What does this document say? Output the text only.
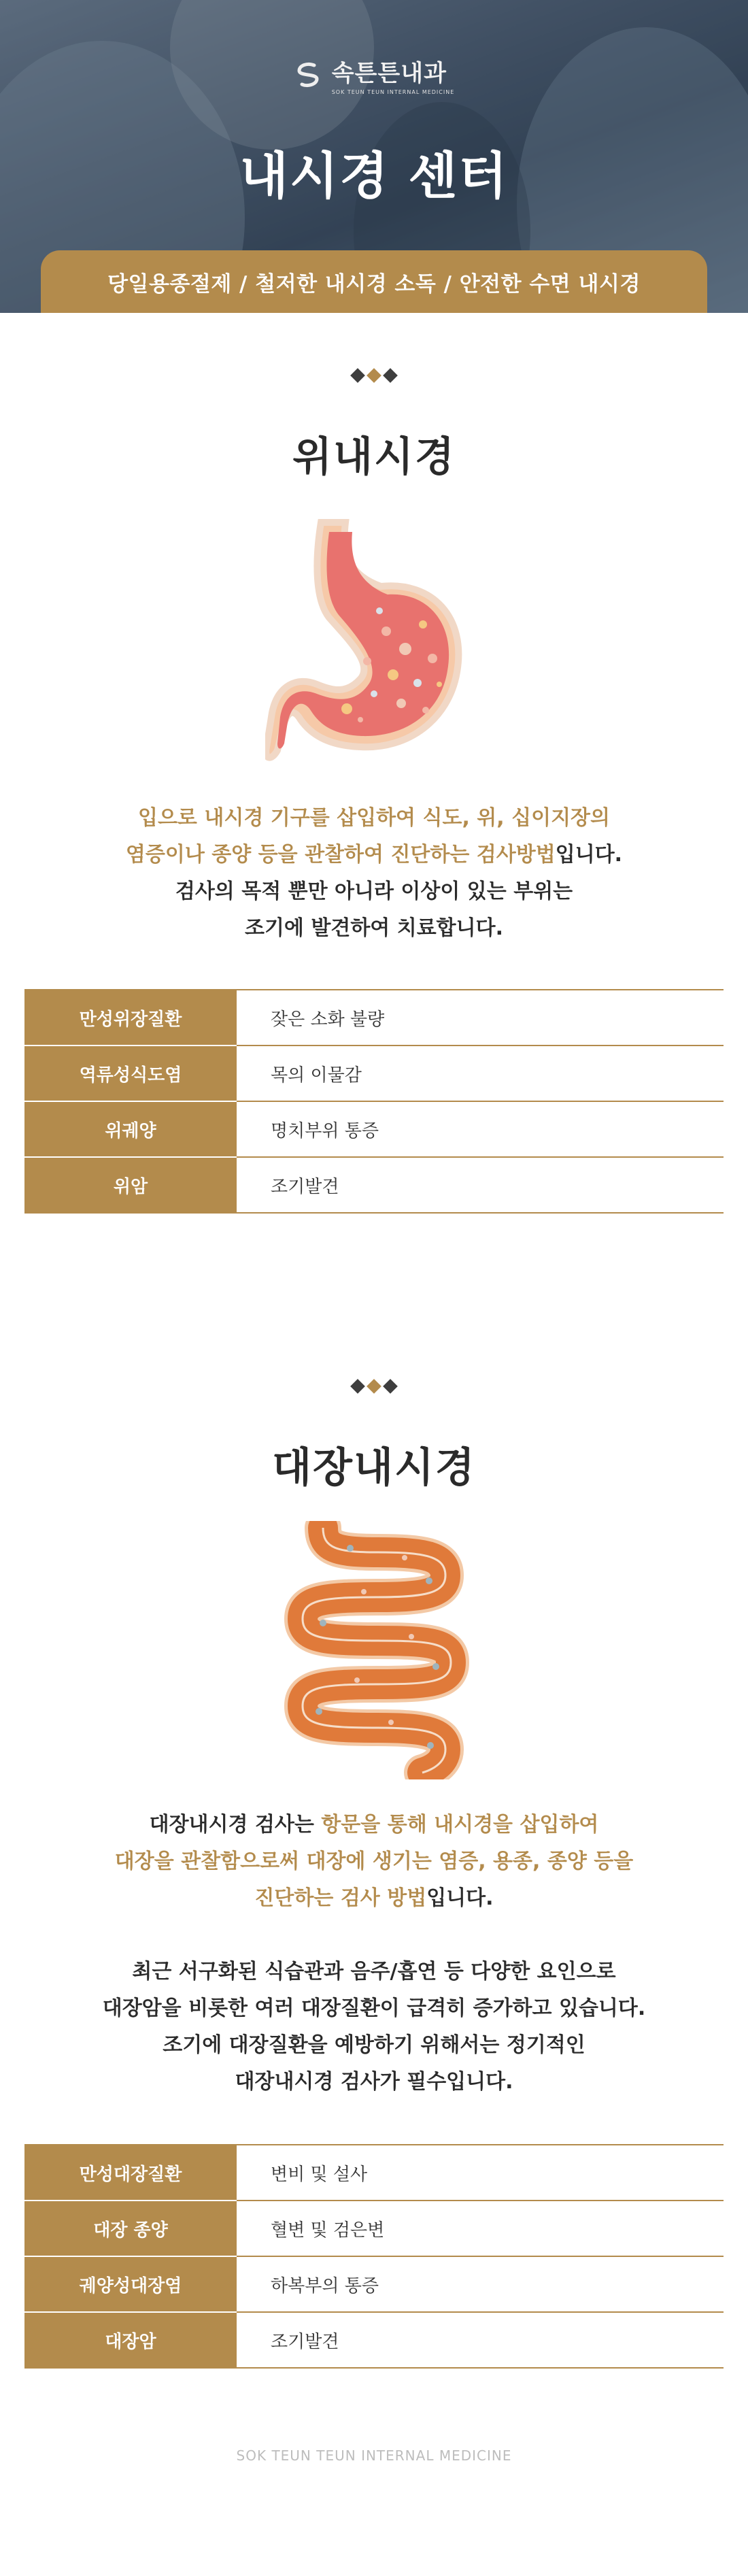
속튼튼내과
SOK TEUN TEUN INTERNAL MEDICINE
내시경 센터
당일용종절제 / 철저한 내시경 소독 / 안전한 수면 내시경
위내시경
입으로 내시경 기구를 삽입하여 식도, 위, 십이지장의
염증이나 종양 등을 관찰하여 진단하는 검사방법입니다.
검사의 목적 뿐만 아니라 이상이 있는 부위는
조기에 발견하여 치료합니다.
만성위장질환	잦은 소화 불량
역류성식도염	목의 이물감
위궤양	명치부위 통증
위암	조기발견
대장내시경
대장내시경 검사는 항문을 통해 내시경을 삽입하여
대장을 관찰함으로써 대장에 생기는 염증, 용종, 종양 등을
진단하는 검사 방법입니다.
최근 서구화된 식습관과 음주/흡연 등 다양한 요인으로
대장암을 비롯한 여러 대장질환이 급격히 증가하고 있습니다.
조기에 대장질환을 예방하기 위해서는 정기적인
대장내시경 검사가 필수입니다.
만성대장질환	변비 및 설사
대장 종양	혈변 및 검은변
궤양성대장염	하복부의 통증
대장암	조기발견
SOK TEUN TEUN INTERNAL MEDICINE
